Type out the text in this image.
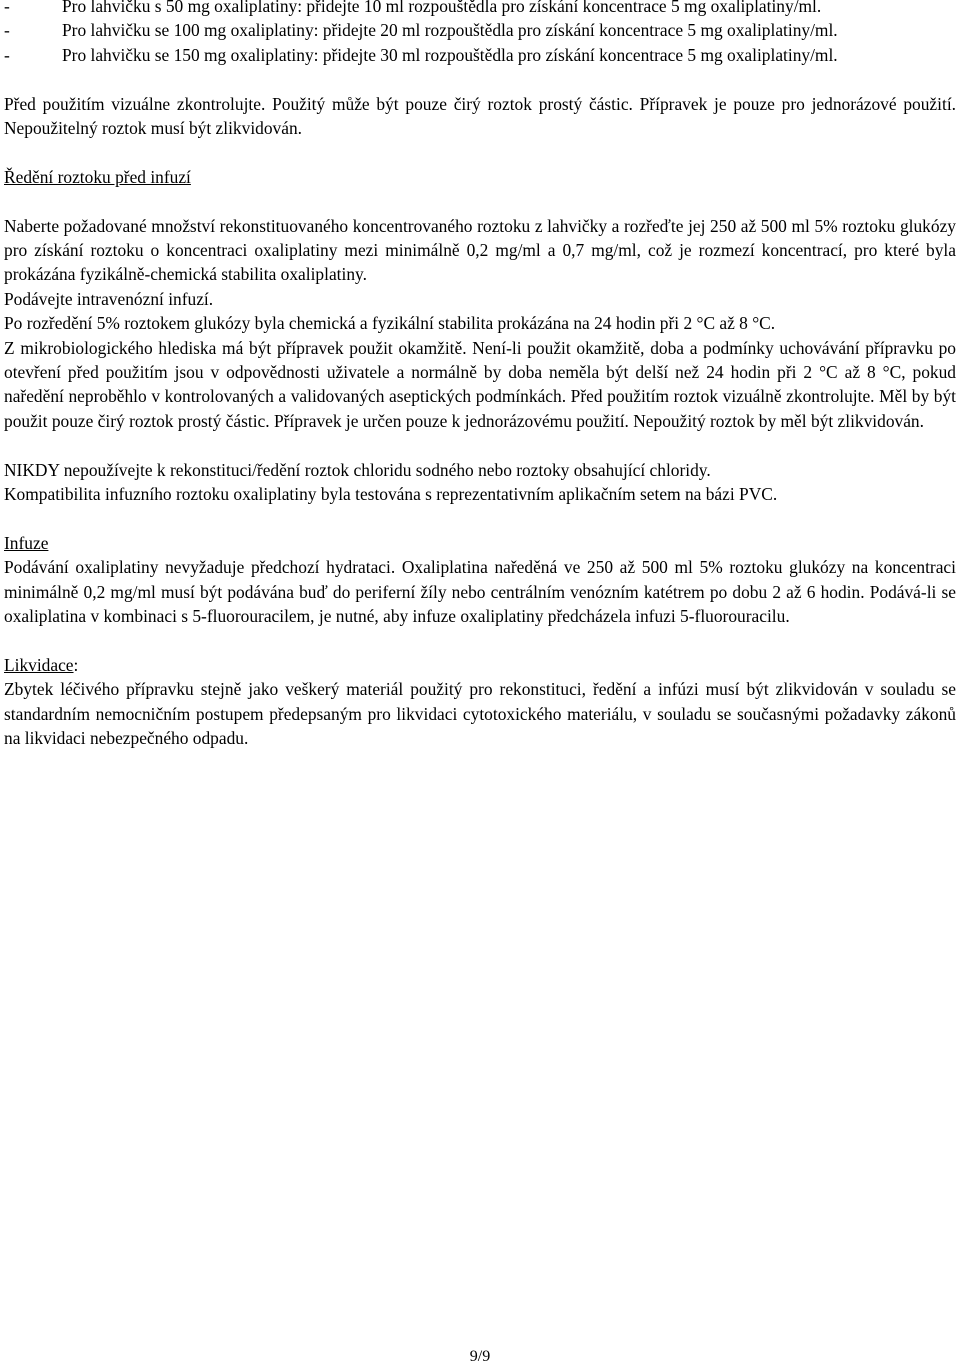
-	Pro lahvičku s 50 mg oxaliplatiny: přidejte 10 ml rozpouštědla pro získání koncentrace 5 mg oxaliplatiny/ml.
-	Pro lahvičku se 100 mg oxaliplatiny: přidejte 20 ml rozpouštědla pro získání koncentrace 5 mg oxaliplatiny/ml.
-	Pro lahvičku se 150 mg oxaliplatiny: přidejte 30 ml rozpouštědla pro získání koncentrace 5 mg oxaliplatiny/ml.

Před použitím vizuálne zkontrolujte. Použitý může být pouze čirý roztok prostý částic. Přípravek je pouze pro jednorázové použití. Nepoužitelný roztok musí být zlikvidován.

Ředění roztoku před infuzí

Naberte požadované množství rekonstituovaného koncentrovaného roztoku z lahvičky a rozřeďte jej 250 až 500 ml 5% roztoku glukózy pro získání roztoku o koncentraci oxaliplatiny mezi minimálně 0,2 mg/ml a 0,7 mg/ml, což je rozmezí koncentrací, pro které byla prokázána fyzikálně-chemická stabilita oxaliplatiny.

Podávejte intravenózní infuzí.

Po rozředění 5% roztokem glukózy byla chemická a fyzikální stabilita prokázána na 24 hodin při 2 °C až 8 °C.

Z mikrobiologického hlediska má být přípravek použit okamžitě. Není-li použit okamžitě, doba a podmínky uchovávání přípravku po otevření před použitím jsou v odpovědnosti uživatele a normálně by doba neměla být delší než 24 hodin při 2 °C až 8 °C, pokud naředění neproběhlo v kontrolovaných a validovaných aseptických podmínkách. Před použitím roztok vizuálně zkontrolujte. Měl by být použit pouze čirý roztok prostý částic. Přípravek je určen pouze k jednorázovému použití. Nepoužitý roztok by měl být zlikvidován.

NIKDY nepoužívejte k rekonstituci/ředění roztok chloridu sodného nebo roztoky obsahující chloridy.

Kompatibilita infuzního roztoku oxaliplatiny byla testována s reprezentativním aplikačním setem na bázi PVC.

Infuze

Podávání oxaliplatiny nevyžaduje předchozí hydrataci. Oxaliplatina naředěná ve 250 až 500 ml 5% roztoku glukózy na koncentraci minimálně 0,2 mg/ml musí být podávána buď do periferní žíly nebo centrálním venózním katétrem po dobu 2 až 6 hodin. Podává-li se oxaliplatina v kombinaci s 5-fluorouracilem, je nutné, aby infuze oxaliplatiny předcházela infuzi 5-fluorouracilu.

Likvidace:

Zbytek léčivého přípravku stejně jako veškerý materiál použitý pro rekonstituci, ředění a infúzi musí být zlikvidován v souladu se standardním nemocničním postupem předepsaným pro likvidaci cytotoxického materiálu, v souladu se současnými požadavky zákonů na likvidaci nebezpečného odpadu.

9/9
